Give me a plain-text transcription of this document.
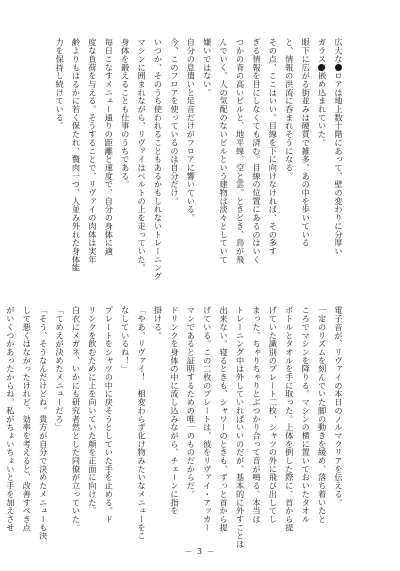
広大なフロアは地上数十階にあって、壁の変わりに分厚い
ガラスが嵌め込まれていた。
眼下に広がる街並みは硬質で雑多。あの中を歩いている
と、情報の洪流に呑まれそうになる。
その点、ここはいい。目線を下に向けなければ、その多す
ぎる情報を目にしなくても済む。目線の位置にあるのはいく
つかの背の高いビルと、地平線、空と雲。ときどき、鳥が飛
んでいく。人の気配のないビルという建物は淡々としていて
嫌いではない。
自分の息遣いと足音だけがフロアに響いている。
今、このフロアを使っているのは自分だけ。
いつか、そのうち使われることもあるかもしれないトレーニング
マシンに囲まれながら、リヴァイはベルトの上を走っていた。
身体を鍛えることも仕事のうちである。
毎日こなすメニュー通りの距離と速度で、自分の身体に適
度な負荷を与える。そうすることで、リヴァイの肉体は実年
齢よりもはるかに若く保たれ、贅肉一つ、人並み外れた身体能
力を保持し続けている。
電子音が、リヴァイの本日のノルマクリアを伝える。
一定のリズムを刻んでいた脚の動きを緩め、落ち着いたと
ころでマシンを降りる。マシンの横に置いておいたタオル
ボトルとタオルを手に取った。上体を倒した際に、首から提
げていた識別のプレート二枚、シャツの外に飛び出してし
まった。ちゃりちゃりとぶつかり合って音が鳴る。本当は
トレーニング中は外していればいいのだが、基本的に外すことは
出来ない。寝るときも、シャワーのときも、ずっと首から提
げている。この二枚のプレートは、彼をリヴァイ・アッカー
マンであると証明するための唯一のものだからだ。
ドリンクを身体の中に流し込みながら、チェーンに指を
掛ける。
「やあ、リヴァイ！　相変わらず化け物みたいなメニューをこ
なしているね！」
プレートをシャツの中に戻そうとしていた手を止める。ド
リンクを飲むために上を向いていた顔を正面に向けた。
白衣にメガネ、いかにも研究者然とした同僚が立っていた。
「てめえが決めたメニューだろ」
「そう、そうなんだけどね。貴方が自分で決めたメニューも決
して悪くはなかったけれど、効率を考えると、改善すべき点
がいくつかあったからね。私がちょいちょいと手を加えさせ
－ 3 －
